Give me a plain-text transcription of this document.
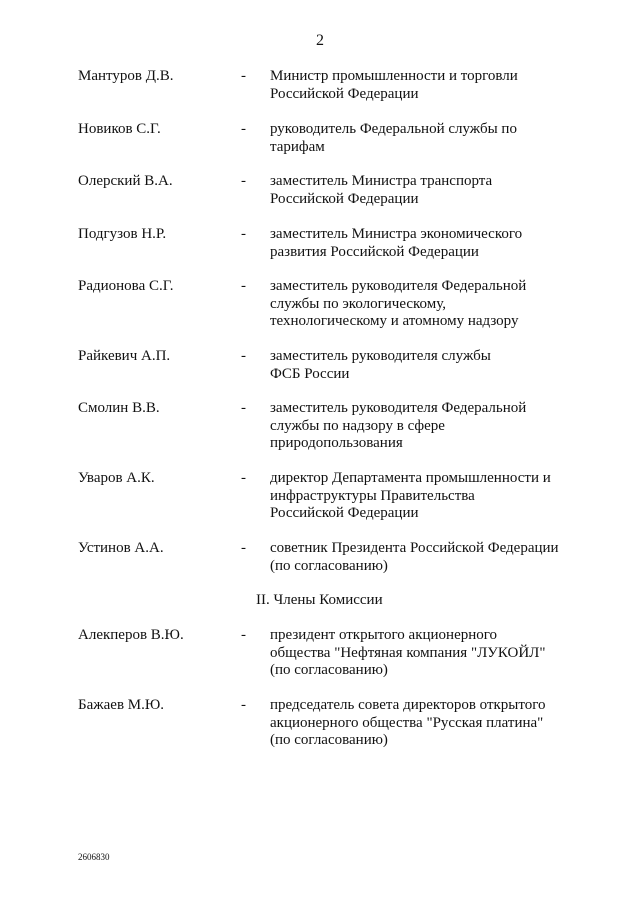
2
Мантуров Д.В.	- Министр промышленности и торговли
Российской Федерации
Новиков С.Г.	- руководитель Федеральной службы по
тарифам
Олерский В.А.	- заместитель Министра транспорта
Российской Федерации
Подгузов Н.Р.	- заместитель Министра экономического
развития Российской Федерации
Радионова С.Г.	- заместитель руководителя Федеральной
службы по экологическому,
технологическому и атомному надзору
Райкевич А.П.	- заместитель руководителя службы
ФСБ России
Смолин В.В.	- заместитель руководителя Федеральной
службы по надзору в сфере
природопользования
Уваров А.К.	- директор Департамента промышленности и
инфраструктуры Правительства
Российской Федерации
Устинов А.А.	- советник Президента Российской Федерации
(по согласованию)
II. Члены Комиссии
Алекперов В.Ю.	- президент открытого акционерного
общества "Нефтяная компания "ЛУКОЙЛ"
(по согласованию)
Бажаев М.Ю.	- председатель совета директоров открытого
акционерного общества "Русская платина"
(по согласованию)
2606830
